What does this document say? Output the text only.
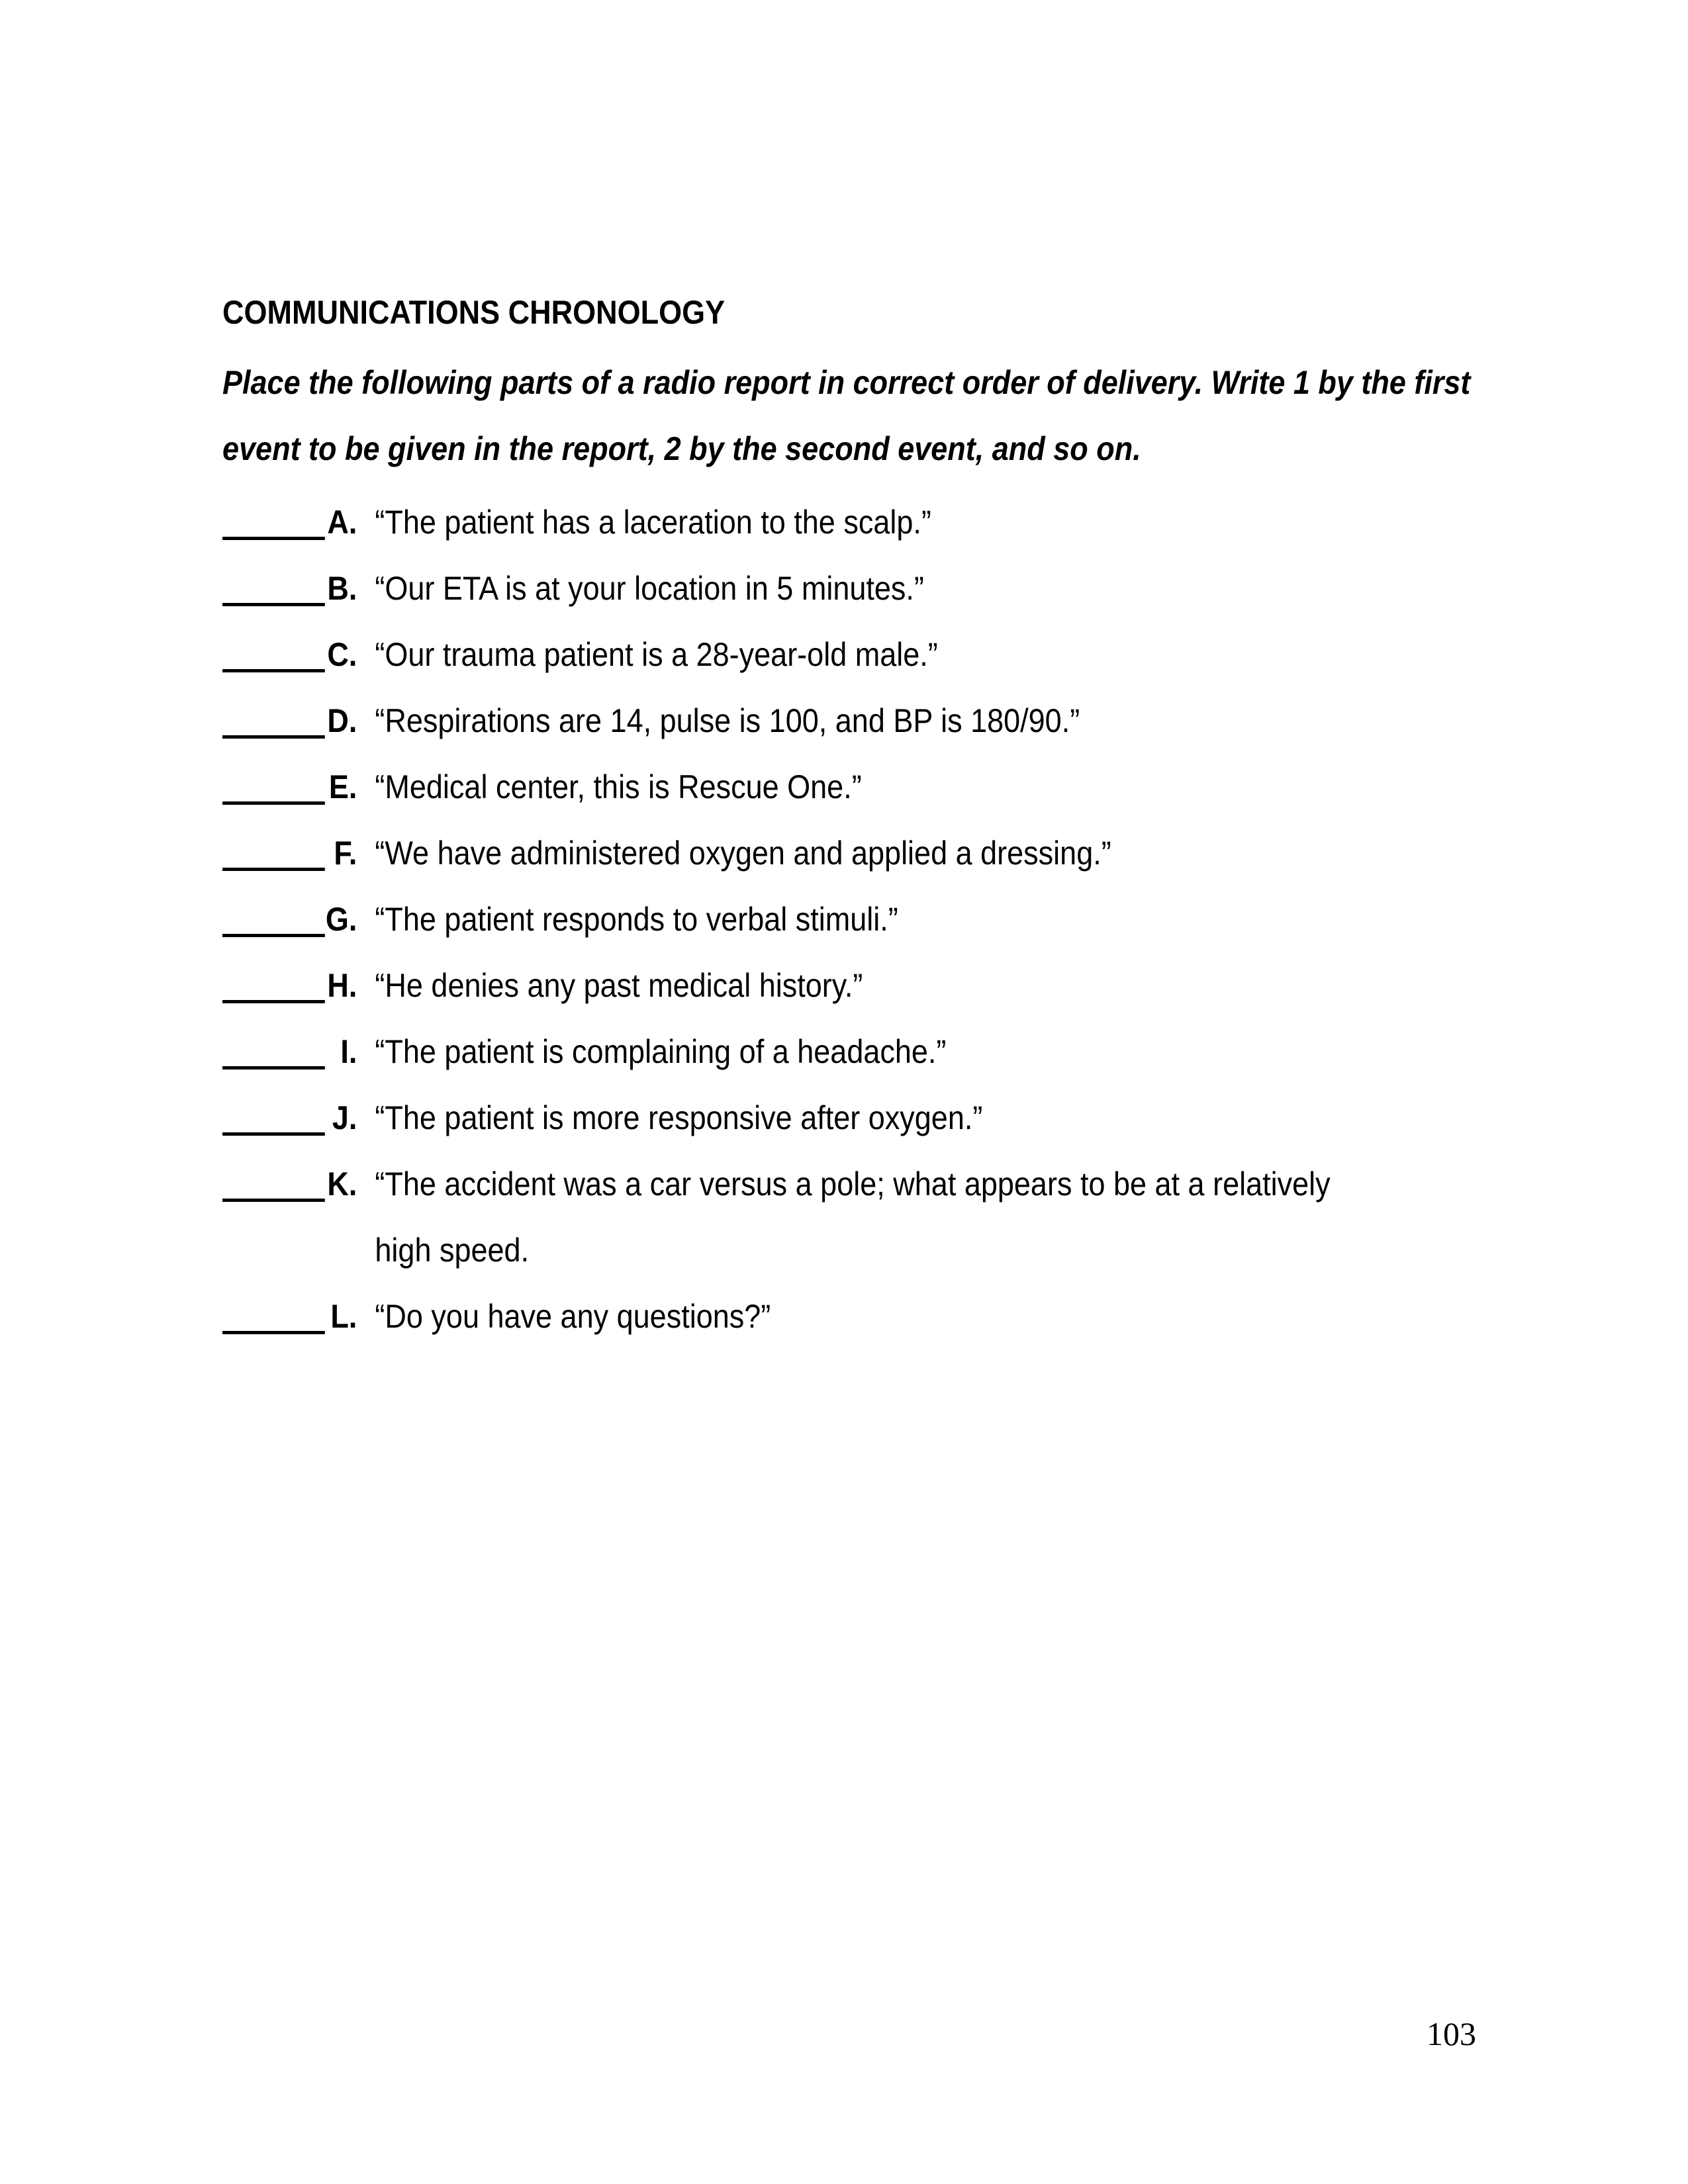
COMMUNICATIONS CHRONOLOGY
Place the following parts of a radio report in correct order of delivery. Write 1 by the first
event to be given in the report, 2 by the second event, and so on.
A. “The patient has a laceration to the scalp.”
B. “Our ETA is at your location in 5 minutes.”
C. “Our trauma patient is a 28-year-old male.”
D. “Respirations are 14, pulse is 100, and BP is 180/90.”
E. “Medical center, this is Rescue One.”
F. “We have administered oxygen and applied a dressing.”
G. “The patient responds to verbal stimuli.”
H. “He denies any past medical history.”
I. “The patient is complaining of a headache.”
J. “The patient is more responsive after oxygen.”
K. “The accident was a car versus a pole; what appears to be at a relatively
high speed.
L. “Do you have any questions?”
103
